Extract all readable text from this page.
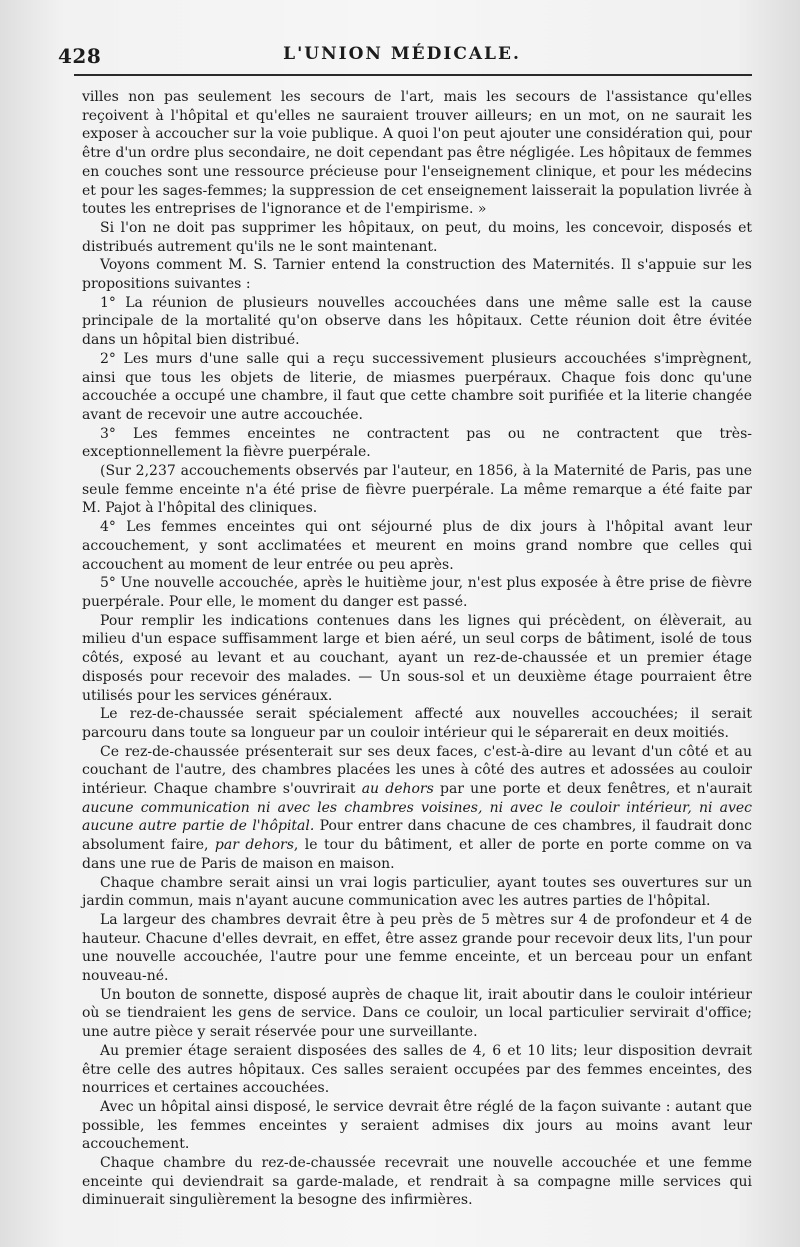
428	L'UNION MÉDICALE.

villes non pas seulement les secours de l'art, mais les secours de l'assistance qu'elles reçoivent à l'hôpital et qu'elles ne sauraient trouver ailleurs; en un mot, on ne saurait les exposer à accoucher sur la voie publique. A quoi l'on peut ajouter une considération qui, pour être d'un ordre plus secondaire, ne doit cependant pas être négligée. Les hôpitaux de femmes en couches sont une ressource précieuse pour l'enseignement clinique, et pour les médecins et pour les sages-femmes; la suppression de cet enseignement laisserait la population livrée à toutes les entreprises de l'ignorance et de l'empirisme. »

Si l'on ne doit pas supprimer les hôpitaux, on peut, du moins, les concevoir, disposés et distribués autrement qu'ils ne le sont maintenant.

Voyons comment M. S. Tarnier entend la construction des Maternités. Il s'appuie sur les propositions suivantes :

1° La réunion de plusieurs nouvelles accouchées dans une même salle est la cause principale de la mortalité qu'on observe dans les hôpitaux. Cette réunion doit être évitée dans un hôpital bien distribué.

2° Les murs d'une salle qui a reçu successivement plusieurs accouchées s'imprègnent, ainsi que tous les objets de literie, de miasmes puerpéraux. Chaque fois donc qu'une accouchée a occupé une chambre, il faut que cette chambre soit purifiée et la literie changée avant de recevoir une autre accouchée.

3° Les femmes enceintes ne contractent pas ou ne contractent que très-exceptionnellement la fièvre puerpérale.

(Sur 2,237 accouchements observés par l'auteur, en 1856, à la Maternité de Paris, pas une seule femme enceinte n'a été prise de fièvre puerpérale. La même remarque a été faite par M. Pajot à l'hôpital des cliniques.

4° Les femmes enceintes qui ont séjourné plus de dix jours à l'hôpital avant leur accouchement, y sont acclimatées et meurent en moins grand nombre que celles qui accouchent au moment de leur entrée ou peu après.

5° Une nouvelle accouchée, après le huitième jour, n'est plus exposée à être prise de fièvre puerpérale. Pour elle, le moment du danger est passé.

Pour remplir les indications contenues dans les lignes qui précèdent, on élèverait, au milieu d'un espace suffisamment large et bien aéré, un seul corps de bâtiment, isolé de tous côtés, exposé au levant et au couchant, ayant un rez-de-chaussée et un premier étage disposés pour recevoir des malades. — Un sous-sol et un deuxième étage pourraient être utilisés pour les services généraux.

Le rez-de-chaussée serait spécialement affecté aux nouvelles accouchées; il serait parcouru dans toute sa longueur par un couloir intérieur qui le séparerait en deux moitiés.

Ce rez-de-chaussée présenterait sur ses deux faces, c'est-à-dire au levant d'un côté et au couchant de l'autre, des chambres placées les unes à côté des autres et adossées au couloir intérieur. Chaque chambre s'ouvrirait au dehors par une porte et deux fenêtres, et n'aurait aucune communication ni avec les chambres voisines, ni avec le couloir intérieur, ni avec aucune autre partie de l'hôpital. Pour entrer dans chacune de ces chambres, il faudrait donc absolument faire, par dehors, le tour du bâtiment, et aller de porte en porte comme on va dans une rue de Paris de maison en maison.

Chaque chambre serait ainsi un vrai logis particulier, ayant toutes ses ouvertures sur un jardin commun, mais n'ayant aucune communication avec les autres parties de l'hôpital.

La largeur des chambres devrait être à peu près de 5 mètres sur 4 de profondeur et 4 de hauteur. Chacune d'elles devrait, en effet, être assez grande pour recevoir deux lits, l'un pour une nouvelle accouchée, l'autre pour une femme enceinte, et un berceau pour un enfant nouveau-né.

Un bouton de sonnette, disposé auprès de chaque lit, irait aboutir dans le couloir intérieur où se tiendraient les gens de service. Dans ce couloir, un local particulier servirait d'office; une autre pièce y serait réservée pour une surveillante.

Au premier étage seraient disposées des salles de 4, 6 et 10 lits; leur disposition devrait être celle des autres hôpitaux. Ces salles seraient occupées par des femmes enceintes, des nourrices et certaines accouchées.

Avec un hôpital ainsi disposé, le service devrait être réglé de la façon suivante : autant que possible, les femmes enceintes y seraient admises dix jours au moins avant leur accouchement.

Chaque chambre du rez-de-chaussée recevrait une nouvelle accouchée et une femme enceinte qui deviendrait sa garde-malade, et rendrait à sa compagne mille services qui diminuerait singulièrement la besogne des infirmières.
